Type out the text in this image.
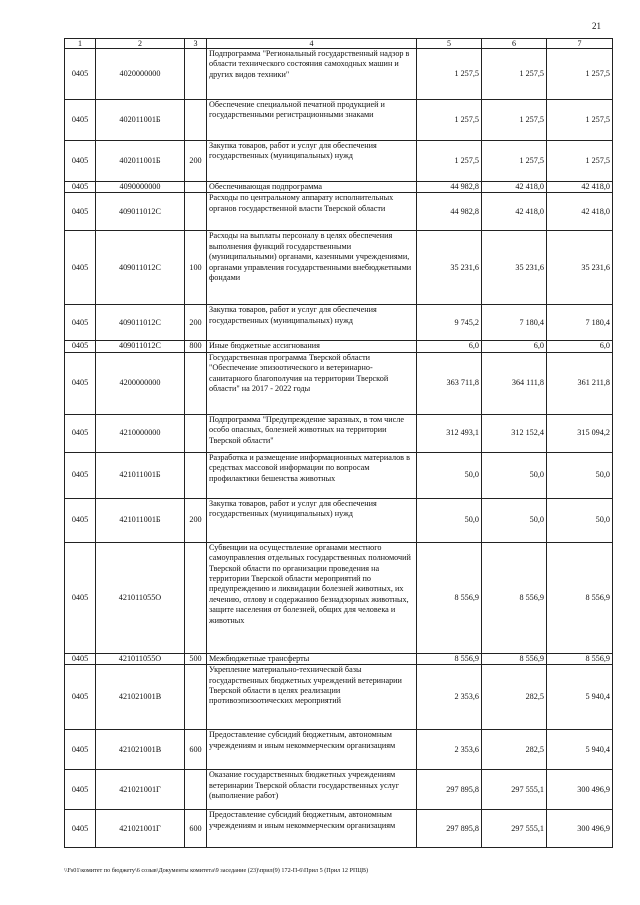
21
1	2	3	4	5	6	7
0405	4020000000		Подпрограмма "Региональный государственный надзор в области технического состояния самоходных машин и других видов техники"	1 257,5	1 257,5	1 257,5
0405	402011001Б		Обеспечение специальной печатной продукцией и государственными регистрационными знаками	1 257,5	1 257,5	1 257,5
0405	402011001Б	200	Закупка товаров, работ и услуг для обеспечения государственных (муниципальных) нужд	1 257,5	1 257,5	1 257,5
0405	4090000000		Обеспечивающая подпрограмма	44 982,8	42 418,0	42 418,0
0405	409011012С		Расходы по центральному аппарату исполнительных органов государственной власти Тверской области	44 982,8	42 418,0	42 418,0
0405	409011012С	100	Расходы на выплаты персоналу в целях обеспечения выполнения функций государственными (муниципальными) органами, казенными учреждениями, органами управления государственными внебюджетными фондами	35 231,6	35 231,6	35 231,6
0405	409011012С	200	Закупка товаров, работ и услуг для обеспечения государственных (муниципальных) нужд	9 745,2	7 180,4	7 180,4
0405	409011012С	800	Иные бюджетные ассигнования	6,0	6,0	6,0
0405	4200000000		Государственная программа Тверской области "Обеспечение эпизоотического и ветеринарно-санитарного благополучия на территории Тверской области" на 2017 - 2022 годы	363 711,8	364 111,8	361 211,8
0405	4210000000		Подпрограмма "Предупреждение заразных, в том числе особо опасных, болезней животных на территории Тверской области"	312 493,1	312 152,4	315 094,2
0405	421011001Б		Разработка и размещение информационных материалов в средствах массовой информации по вопросам профилактики бешенства животных	50,0	50,0	50,0
0405	421011001Б	200	Закупка товаров, работ и услуг для обеспечения государственных (муниципальных) нужд	50,0	50,0	50,0
0405	421011055О		Субвенции на осуществление органами местного самоуправления отдельных государственных полномочий Тверской области по организации проведения на территории Тверской области мероприятий по предупреждению и ликвидации болезней животных, их лечению, отлову и содержанию безнадзорных животных, защите населения от болезней, общих для человека и животных	8 556,9	8 556,9	8 556,9
0405	421011055О	500	Межбюджетные трансферты	8 556,9	8 556,9	8 556,9
0405	421021001В		Укрепление материально-технической базы государственных бюджетных учреждений ветеринарии Тверской области в целях реализации противоэпизоотических мероприятий	2 353,6	282,5	5 940,4
0405	421021001В	600	Предоставление субсидий бюджетным, автономным учреждениям и иным некоммерческим организациям	2 353,6	282,5	5 940,4
0405	421021001Г		Оказание государственных бюджетных учреждениям ветеринарии Тверской области государственных услуг (выполнение работ)	297 895,8	297 555,1	300 496,9
0405	421021001Г	600	Предоставление субсидий бюджетным, автономным учреждениям и иным некоммерческим организациям	297 895,8	297 555,1	300 496,9
\\Fs01\комитет по бюджету\6 созыв\Документы комитета\9 заседание (23)\прил(9) 172-П-6\Прил 5 (Прил 12 РПЦВ)
